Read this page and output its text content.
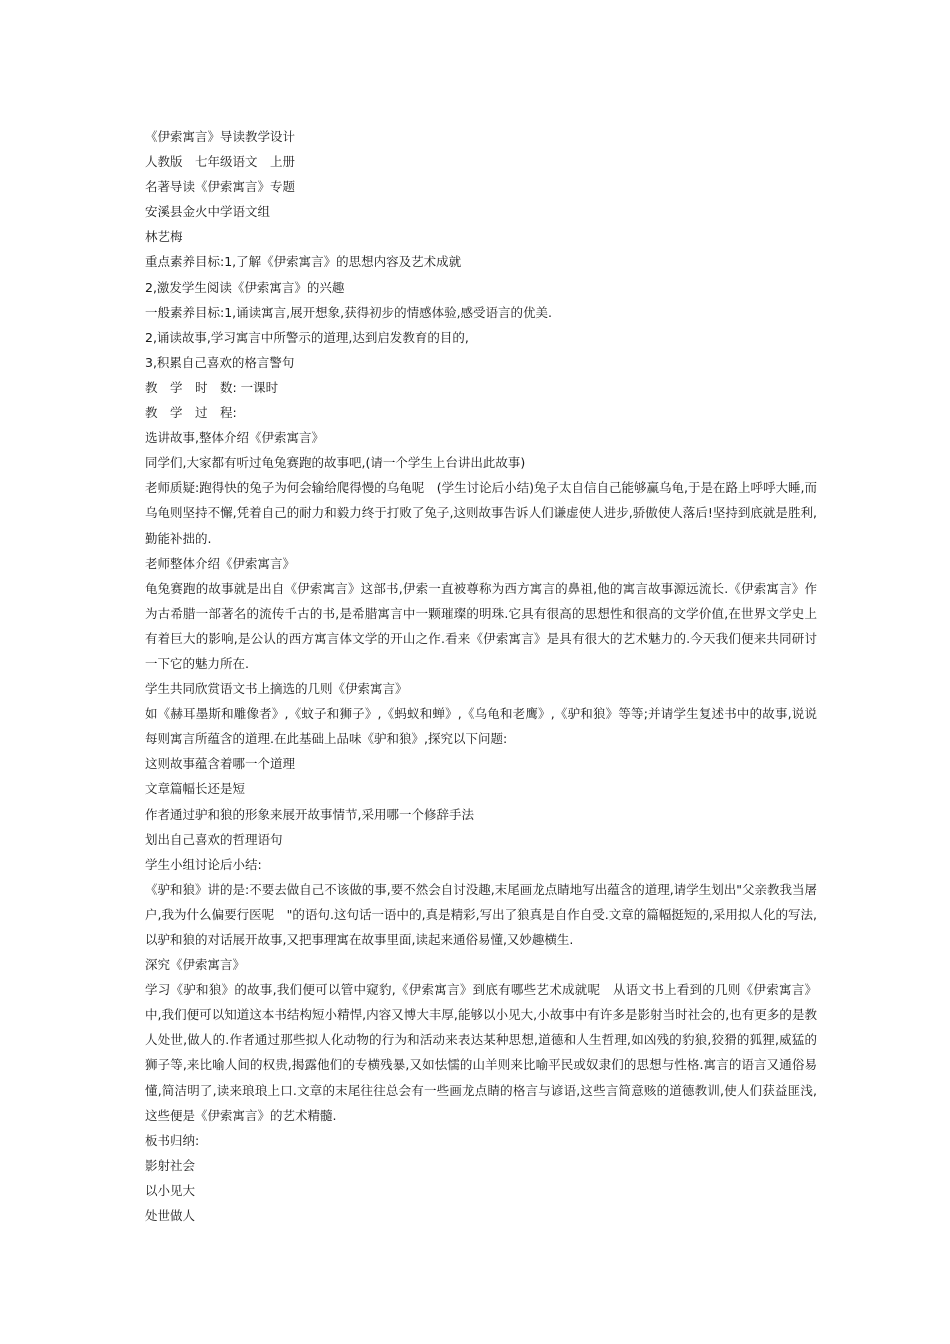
《伊索寓言》导读教学设计
人教版　七年级语文　上册
名著导读《伊索寓言》专题
安溪县金火中学语文组
林艺梅
重点素养目标:1,了解《伊索寓言》的思想内容及艺术成就
2,激发学生阅读《伊索寓言》的兴趣
一般素养目标:1,诵读寓言,展开想象,获得初步的情感体验,感受语言的优美.
2,诵读故事,学习寓言中所警示的道理,达到启发教育的目的,
3,积累自己喜欢的格言警句
教　学　时　数: 一课时
教　学　过　程:
选讲故事,整体介绍《伊索寓言》
同学们,大家都有听过龟兔赛跑的故事吧,(请一个学生上台讲出此故事)
老师质疑:跑得快的兔子为何会输给爬得慢的乌龟呢　(学生讨论后小结)兔子太自信自己能够赢乌龟,于是在路上呼呼大睡,而乌龟则坚持不懈,凭着自己的耐力和毅力终于打败了兔子,这则故事告诉人们谦虚使人进步,骄傲使人落后!坚持到底就是胜利,勤能补拙的.
老师整体介绍《伊索寓言》
龟兔赛跑的故事就是出自《伊索寓言》这部书,伊索一直被尊称为西方寓言的鼻祖,他的寓言故事源远流长.《伊索寓言》作为古希腊一部著名的流传千古的书,是希腊寓言中一颗璀璨的明珠.它具有很高的思想性和很高的文学价值,在世界文学史上有着巨大的影响,是公认的西方寓言体文学的开山之作.看来《伊索寓言》是具有很大的艺术魅力的.今天我们便来共同研讨一下它的魅力所在.
学生共同欣赏语文书上摘选的几则《伊索寓言》
如《赫耳墨斯和雕像者》,《蚊子和狮子》,《蚂蚁和蝉》,《乌龟和老鹰》,《驴和狼》等等;并请学生复述书中的故事,说说每则寓言所蕴含的道理.在此基础上品味《驴和狼》,探究以下问题:
这则故事蕴含着哪一个道理
文章篇幅长还是短
作者通过驴和狼的形象来展开故事情节,采用哪一个修辞手法
划出自己喜欢的哲理语句
学生小组讨论后小结:
《驴和狼》讲的是:不要去做自己不该做的事,要不然会自讨没趣,末尾画龙点睛地写出蕴含的道理,请学生划出"父亲教我当屠户,我为什么偏要行医呢　"的语句.这句话一语中的,真是精彩,写出了狼真是自作自受.文章的篇幅挺短的,采用拟人化的写法,以驴和狼的对话展开故事,又把事理寓在故事里面,读起来通俗易懂,又妙趣横生.
深究《伊索寓言》
学习《驴和狼》的故事,我们便可以管中窥豹,《伊索寓言》到底有哪些艺术成就呢　从语文书上看到的几则《伊索寓言》中,我们便可以知道这本书结构短小精悍,内容又博大丰厚,能够以小见大,小故事中有许多是影射当时社会的,也有更多的是教人处世,做人的.作者通过那些拟人化动物的行为和活动来表达某种思想,道德和人生哲理,如凶残的豹狼,狡猾的狐狸,威猛的狮子等,来比喻人间的权贵,揭露他们的专横残暴,又如怯懦的山羊则来比喻平民或奴隶们的思想与性格.寓言的语言又通俗易懂,简洁明了,读来琅琅上口.文章的末尾往往总会有一些画龙点睛的格言与谚语,这些言简意赅的道德教训,使人们获益匪浅,这些便是《伊索寓言》的艺术精髓.
板书归纳:
影射社会
以小见大
处世做人
